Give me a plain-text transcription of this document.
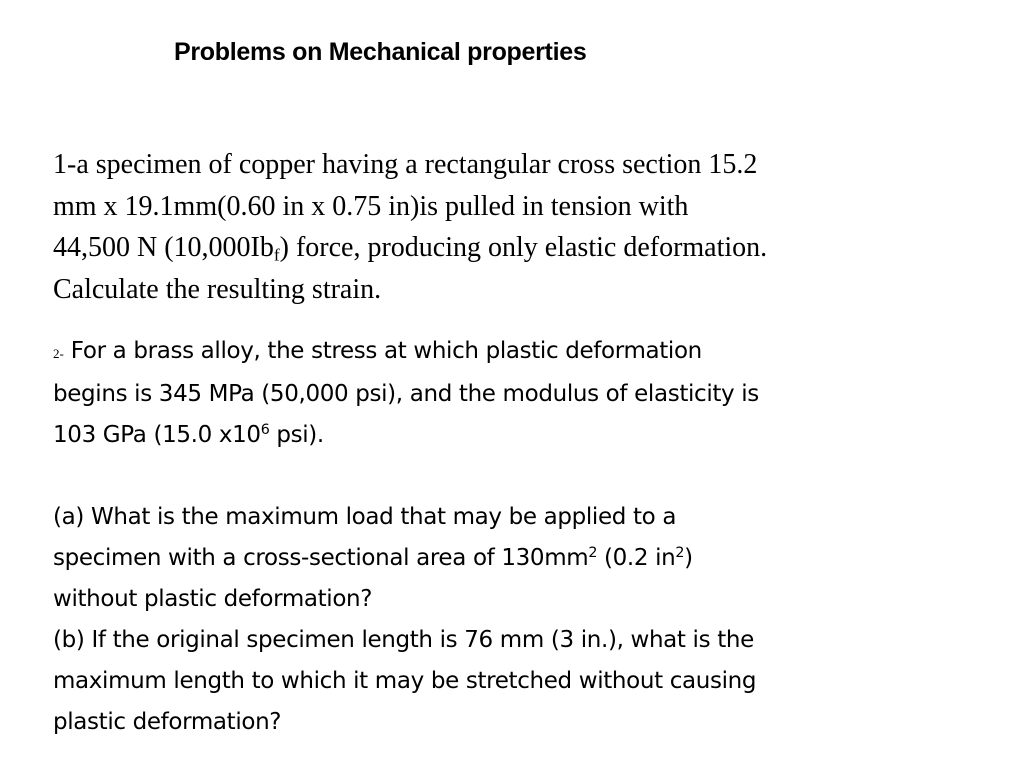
Problems on Mechanical properties
1-a specimen of copper having a rectangular cross section 15.2
mm x 19.1mm(0.60 in x 0.75 in)is pulled in tension with
44,500 N $(10,000Ib_f)$ force, producing only elastic deformation.
Calculate the resulting strain.
2- For a brass alloy, the stress at which plastic deformation
begins is 345 MPa (50,000 psi), and the modulus of elasticity is
103 GPa (15.0 $x10^6$ psi).
(a) What is the maximum load that may be applied to a
specimen with a cross-sectional area of $130mm^2$ (0.2 $in^2$)
without plastic deformation?
(b) If the original specimen length is 76 mm (3 in.), what is the
maximum length to which it may be stretched without causing
plastic deformation?
